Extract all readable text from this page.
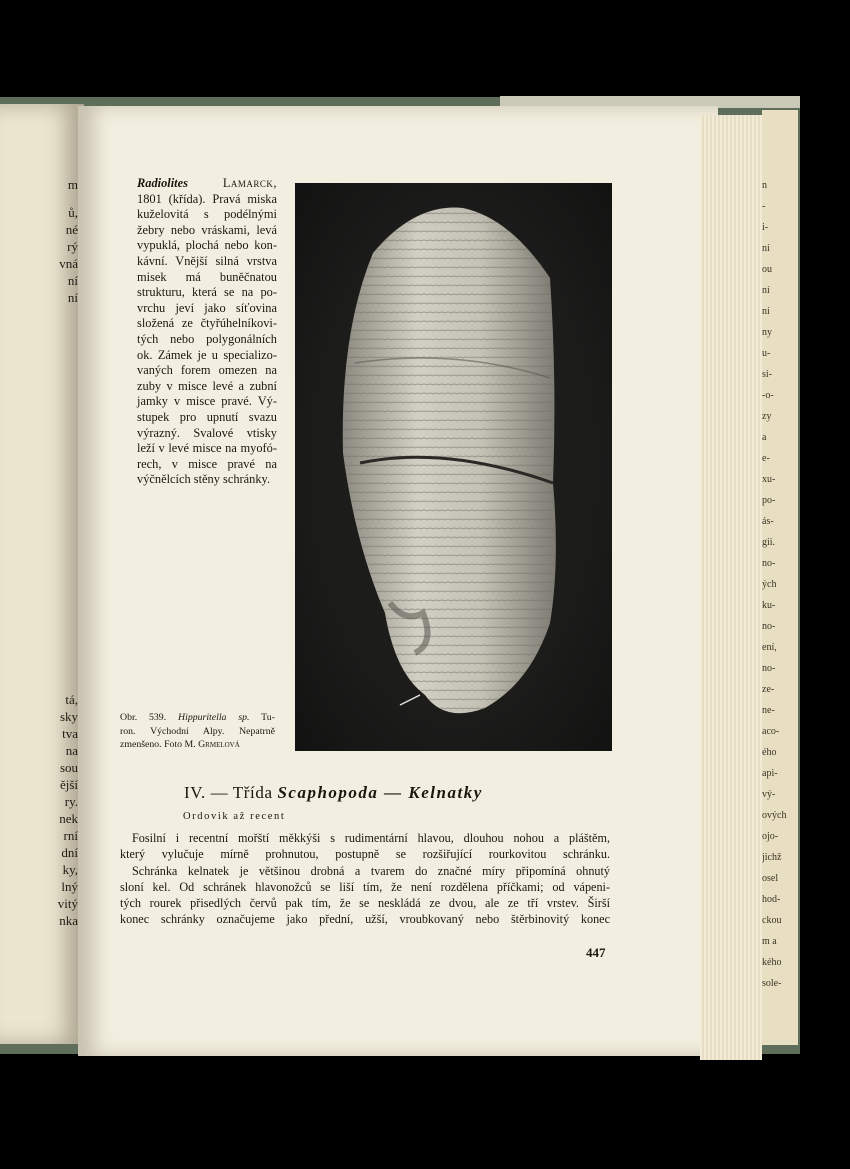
m
ů,
né
rý
vná
ní
ní
tá,
sky
tva
na
sou
ější
ry.
nek
rní
dní
ky,
lný
vitý
nka
n
-
i-
ní
ou
ní
ní
ny
u-
si-
-o-
zy
a
e-
xu-
po-
ás-
gii.
no-
ých
ku-
no-
ení,
no-
ze-
ne-
aco-
ého
api-
vý-
ových
ojo-
jichž
osel
hod-
ckou
m a
kého
sole-
Radiolites	Lamarck,
1801 (křída). Pravá miska
kuželovitá s podélnými
žebry nebo vráskami, levá
vypuklá, plochá nebo kon-
kávní. Vnější silná vrstva
misek má buněčnatou
strukturu, která se na po-
vrchu jeví jako síťovina
složená ze čtyřúhelníkovi-
tých nebo polygonálních
ok. Zámek je u specializo-
vaných forem omezen na
zuby v misce levé a zubní
jamky v misce pravé. Vý-
stupek pro upnutí svazu
výrazný. Svalové vtisky
leží v levé misce na myofó-
rech, v misce pravé na
výčnělcích stěny schránky.
Obr. 539. Hippuritella sp. Tu-
ron. Východní Alpy. Nepatrně
zmenšeno. Foto M. Grmelová
IV. — Třída Scaphopoda — Kelnatky
Ordovik až recent
Fosilní i recentní mořští měkkýši s rudimentární hlavou, dlouhou nohou a pláštěm,
který vylučuje mírně prohnutou, postupně se rozšiřující rourkovitou schránku.
Schránka kelnatek je většinou drobná a tvarem do značné míry připomíná ohnutý
sloní kel. Od schránek hlavonožců se liší tím, že není rozdělena příčkami; od vápeni-
tých rourek přisedlých červů pak tím, že se neskládá ze dvou, ale ze tří vrstev. Širší
konec schránky označujeme jako přední, užší, vroubkovaný nebo štěrbinovitý konec
447
